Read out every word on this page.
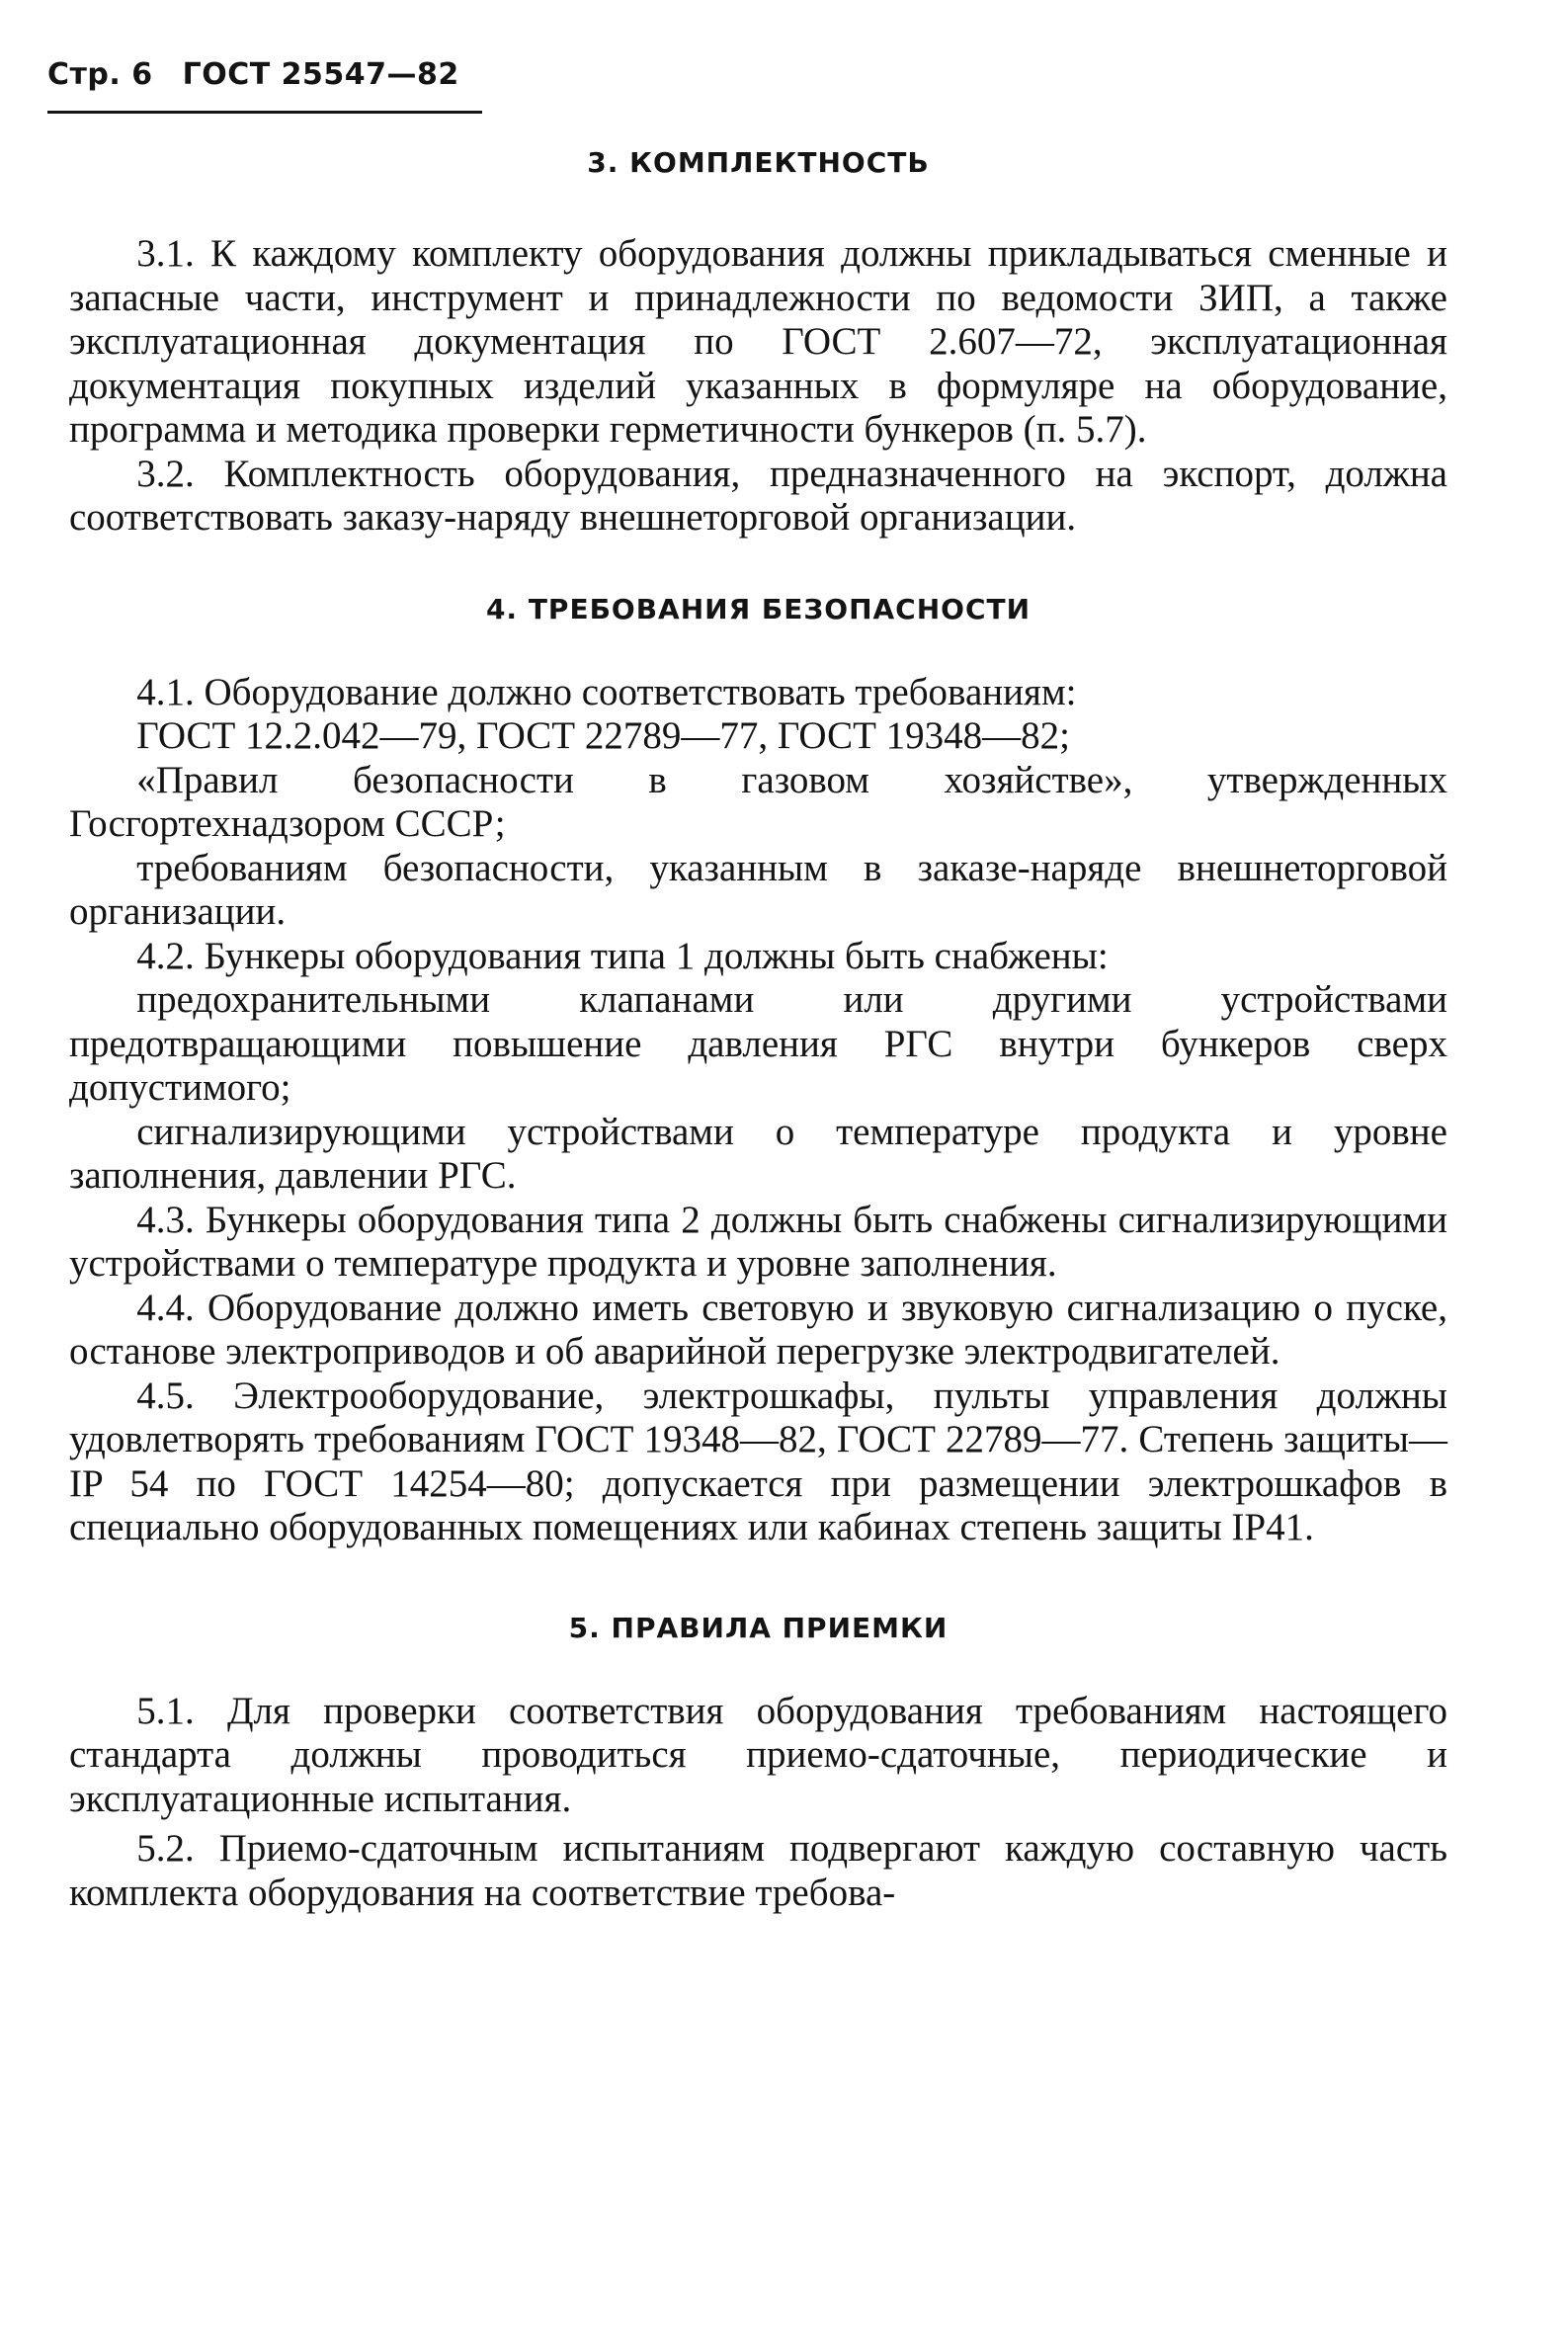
Стр. 6 ГОСТ 25547—82
3. КОМПЛЕКТНОСТЬ

3.1. К каждому комплекту оборудования должны прикладываться сменные и запасные части, инструмент и принадлежности по ведомости ЗИП, а также эксплуатационная документация по ГОСТ 2.607—72, эксплуатационная документация покупных изделий указанных в формуляре на оборудование, программа и методика проверки герметичности бункеров (п. 5.7).

3.2. Комплектность оборудования, предназначенного на экспорт, должна соответствовать заказу-наряду внешнеторговой организации.

4. ТРЕБОВАНИЯ БЕЗОПАСНОСТИ

4.1. Оборудование должно соответствовать требованиям:

ГОСТ 12.2.042—79, ГОСТ 22789—77, ГОСТ 19348—82;

«Правил безопасности в газовом хозяйстве», утвержденных Госгортехнадзором СССР;

требованиям безопасности, указанным в заказе-наряде внешнеторговой организации.

4.2. Бункеры оборудования типа 1 должны быть снабжены:

предохранительными клапанами или другими устройствами предотвращающими повышение давления РГС внутри бункеров сверх допустимого;

сигнализирующими устройствами о температуре продукта и уровне заполнения, давлении РГС.

4.3. Бункеры оборудования типа 2 должны быть снабжены сигнализирующими устройствами о температуре продукта и уровне заполнения.

4.4. Оборудование должно иметь световую и звуковую сигнализацию о пуске, останове электроприводов и об аварийной перегрузке электродвигателей.

4.5. Электрооборудование, электрошкафы, пульты управления должны удовлетворять требованиям ГОСТ 19348—82, ГОСТ 22789—77. Степень защиты—IP 54 по ГОСТ 14254—80; допускается при размещении электрошкафов в специально оборудованных помещениях или кабинах степень защиты IP41.

5. ПРАВИЛА ПРИЕМКИ

5.1. Для проверки соответствия оборудования требованиям настоящего стандарта должны проводиться приемо-сдаточные, периодические и эксплуатационные испытания.

5.2. Приемо-сдаточным испытаниям подвергают каждую составную часть комплекта оборудования на соответствие требова-
